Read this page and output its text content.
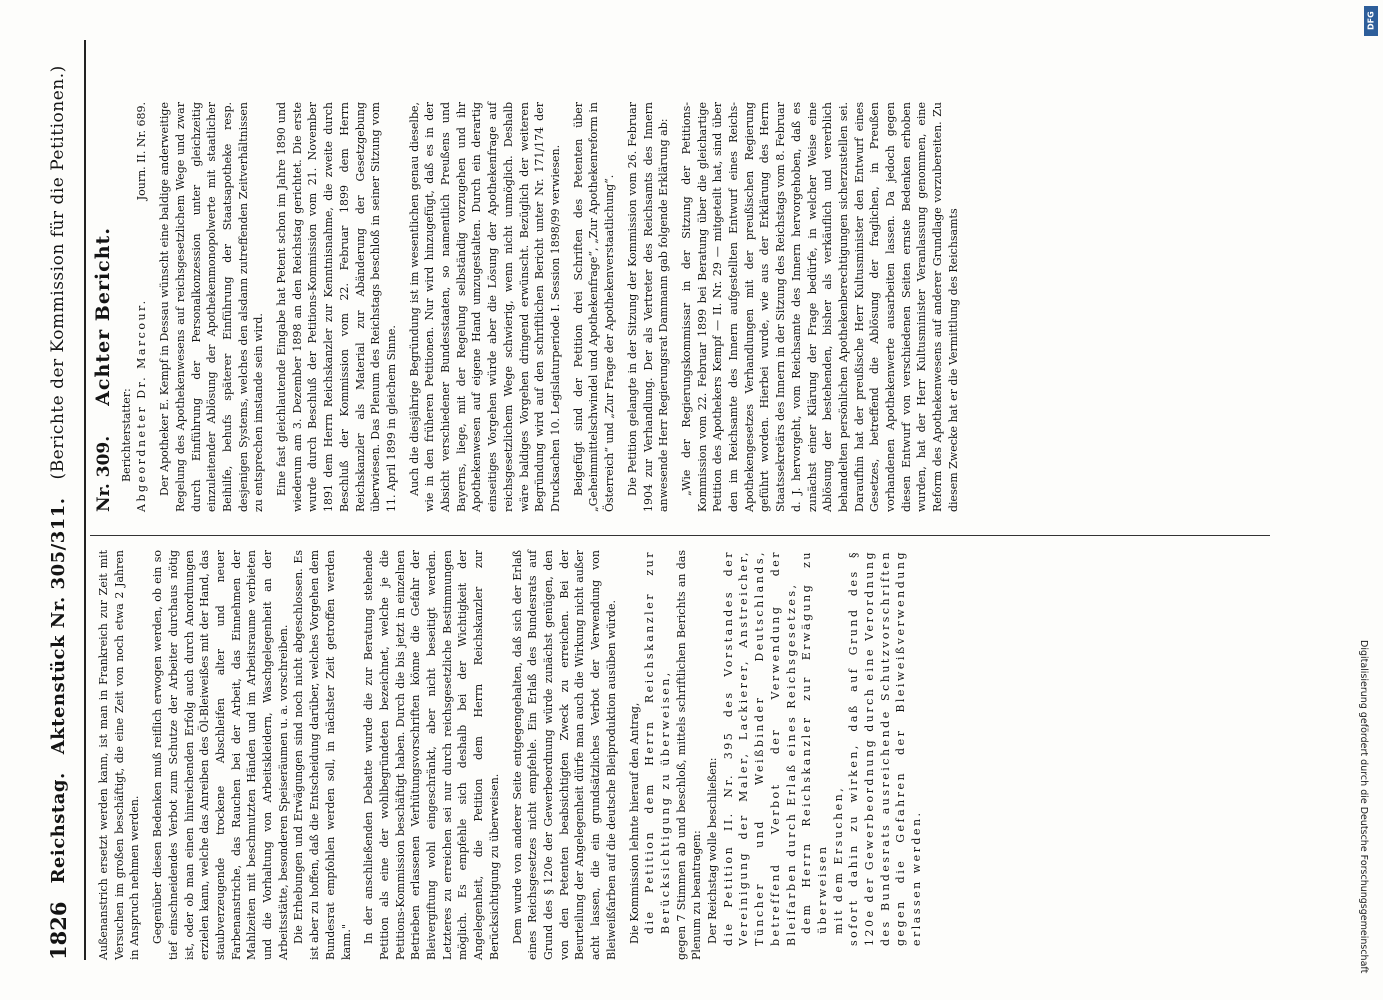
1826
Reichstag.
Aktenstück Nr. 305/311.
(Berichte der Kommission für die Petitionen.)

Außenanstrich ersetzt werden kann, ist man in Frankreich zur Zeit mit Versuchen im großen beschäftigt, die eine Zeit von noch etwa 2 Jahren in Anspruch nehmen werden. Gegenüber diesen Bedenken muß reiflich erwogen werden, ob ein so tief einschneidendes Verbot zum Schutze der Arbeiter durchaus nötig ist, oder ob man einen hinreichenden Erfolg auch durch Anordnungen erzielen kann, welche das Anreiben des Öl-Bleiweißes mit der Hand, das staubverzeugende trockene Abschleifen alter und neuer Farbenanstriche, das Rauchen bei der Arbeit, das Einnehmen der Mahlzeiten mit beschmutzten Händen und im Arbeitsraume verbieten und die Vorhaltung von Arbeitskleidern, Waschgelegenheit an der Arbeitsstätte, besonderen Speiseräumen u. a. vorschreiben. Die Erhebungen und Erwägungen sind noch nicht abgeschlossen. Es ist aber zu hoffen, daß die Entscheidung darüber, welches Vorgehen dem Bundesrat empfohlen werden soll, in nächster Zeit getroffen werden kann." In der anschließenden Debatte wurde die zur Beratung stehende Petition als eine der wohlbegründeten bezeichnet, welche je die Petitions-Kommission beschäftigt haben. Durch die bis jetzt in einzelnen Betrieben erlassenen Verhütungsvorschriften könne die Gefahr der Bleivergiftung wohl eingeschränkt, aber nicht beseitigt werden. Letzteres zu erreichen sei nur durch reichsgesetzliche Bestimmungen möglich. Es empfehle sich deshalb bei der Wichtigkeit der Angelegenheit, die Petition dem Herrn Reichskanzler zur Berücksichtigung zu überweisen. Dem wurde von anderer Seite entgegengehalten, daß sich der Erlaß eines Reichsgesetzes nicht empfehle. Ein Erlaß des Bundesrats auf Grund des § 120e der Gewerbeordnung würde zunächst genügen, den von den Petenten beabsichtigten Zweck zu erreichen. Bei der Beurteilung der Angelegenheit dürfe man auch die Wirkung nicht außer acht lassen, die ein grundsätzliches Verbot der Verwendung von Bleiweißfarben auf die deutsche Bleiproduktion ausüben würde. Die Kommission lehnte hierauf den Antrag, die Petition dem Herrn Reichskanzler zur Berücksichtigung zu überweisen, gegen 7 Stimmen ab und beschloß, mittels schriftlichen Berichts an das Plenum zu beantragen: Der Reichstag wolle beschließen: die Petition II. Nr. 395 des Vorstandes der Vereinigung der Maler, Lackierer, Anstreicher, Tüncher und Weißbinder Deutschlands, betreffend Verbot der Verwendung der Bleifarben durch Erlaß eines Reichsgesetzes, dem Herrn Reichskanzler zur Erwägung zu überweisen mit dem Ersuchen, sofort dahin zu wirken, daß auf Grund des § 120e der Gewerbeordnung durch eine Verordnung des Bundesrats ausreichende Schutzvorschriften gegen die Gefahren der Bleiweißverwendung erlassen werden.

Nr. 309.
Achter Bericht.

Berichterstatter: Abgeordneter Dr. Marcour.
Journ. II. Nr. 689. Der Apotheker E. Kempf in Dessau wünscht eine baldige anderweitige Regelung des Apothekenwesens auf reichsgesetzlichem Wege und zwar durch Einführung der Personalkonzession unter gleichzeitig einzuleitender Ablösung der Apothekenmonopolwerte mit staatlicher Beihilfe, behufs späterer Einführung der Staatsapotheke resp. desjenigen Systems, welches den alsdann zutreffenden Zeitverhältnissen zu entsprechen imstande sein wird. Eine fast gleichlautende Eingabe hat Petent schon im Jahre 1890 und wiederum am 3. Dezember 1898 an den Reichstag gerichtet. Die erste wurde durch Beschluß der Petitions-Kommission vom 21. November 1891 dem Herrn Reichskanzler zur Kenntnisnahme, die zweite durch Beschluß der Kommission vom 22. Februar 1899 dem Herrn Reichskanzler als Material zur Abänderung der Gesetzgebung überwiesen. Das Plenum des Reichstags beschloß in seiner Sitzung vom 11. April 1899 in gleichem Sinne. Auch die diesjährige Begründung ist im wesentlichen genau dieselbe, wie in den früheren Petitionen. Nur wird hinzugefügt, daß es in der Absicht verschiedener Bundesstaaten, so namentlich Preußens und Bayerns, liege, mit der Regelung selbständig vorzugehen und ihr Apothekenwesen auf eigene Hand umzugestalten. Durch ein derartig einseitiges Vorgehen würde aber die Lösung der Apothekenfrage auf reichsgesetzlichem Wege schwierig, wenn nicht unmöglich. Deshalb wäre baldiges Vorgehen dringend erwünscht. Bezüglich der weiteren Begründung wird auf den schriftlichen Bericht unter Nr. 171/174 der Drucksachen 10. Legislaturperiode I. Session 1898/99 verwiesen. Beigefügt sind der Petition drei Schriften des Petenten über „Geheimmittelschwindel und Apothekenfrage“, „Zur Apothekenreform in Österreich“ und „Zur Frage der Apothekenverstaatlichung“. Die Petition gelangte in der Sitzung der Kommission vom 26. Februar 1904 zur Verhandlung. Der als Vertreter des Reichsamts des Innern anwesende Herr Regierungsrat Dammann gab folgende Erklärung ab: „Wie der Regierungskommissar in der Sitzung der Petitions-Kommission vom 22. Februar 1899 bei Beratung über die gleichartige Petition des Apothekers Kempf — II. Nr. 29 — mitgeteilt hat, sind über den im Reichsamte des Innern aufgestellten Entwurf eines Reichs-Apothekengesetzes Verhandlungen mit der preußischen Regierung geführt worden. Hierbei wurde, wie aus der Erklärung des Herrn Staatssekretärs des Innern in der Sitzung des Reichstags vom 8. Februar d. J. hervorgeht, vom Reichsamte des Innern hervorgehoben, daß es zunächst einer Klärung der Frage bedürfe, in welcher Weise eine Ablösung der bestehenden, bisher als verkäuflich und vererblich behandelten persönlichen Apothekenberechtigungen sicherzustellen sei. Daraufhin hat der preußische Herr Kultusminister den Entwurf eines Gesetzes, betreffend die Ablösung der fraglichen, in Preußen vorhandenen Apothekenwerte ausarbeiten lassen. Da jedoch gegen diesen Entwurf von verschiedenen Seiten ernste Bedenken erhoben wurden, hat der Herr Kultusminister Veranlassung genommen, eine Reform des Apothekenwesens auf anderer Grundlage vorzubereiten. Zu diesem Zwecke hat er die Vermittlung des Reichsamts

DFG
Digitalisierung gefördert durch die Deutsche Forschungsgemeinschaft
